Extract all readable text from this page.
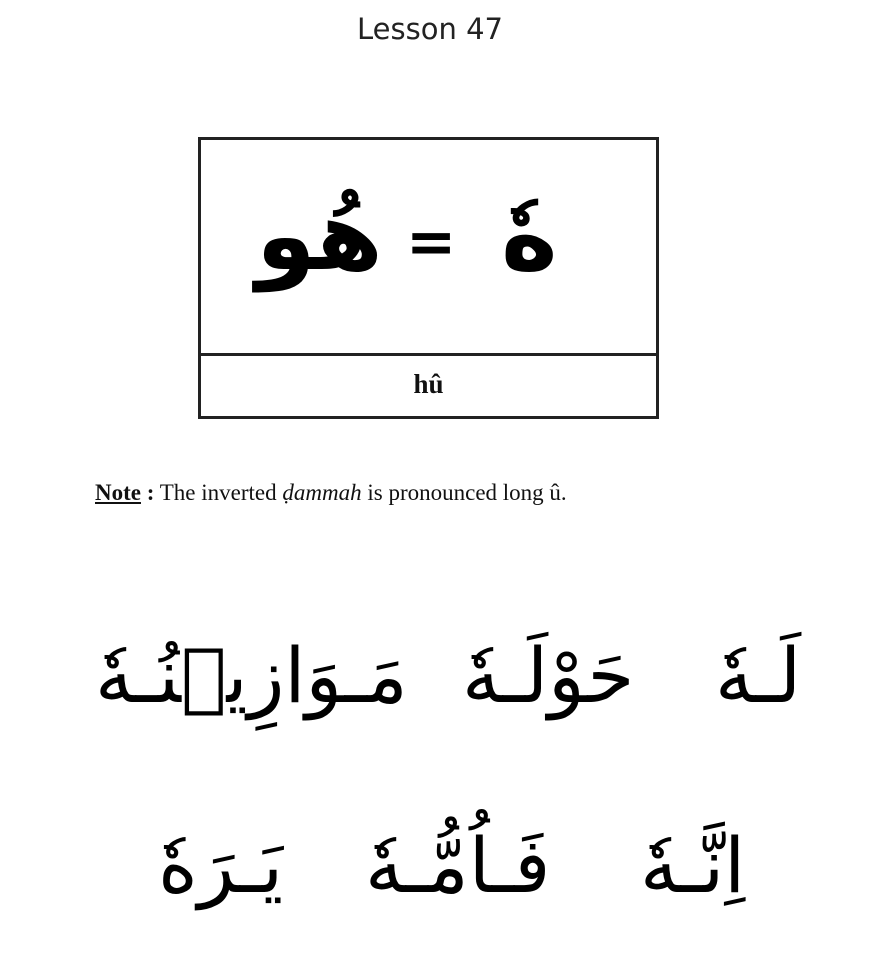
Lesson 47
هُو = هٗ
hû
Note : The inverted ḍammah is pronounced long û.
لَـهٗ
حَوْلَـهٗ
مَـوَازِيۡنُـهٗ
اِنَّـهٗ
فَـاُمُّـهٗ
يَـرَهٗ
